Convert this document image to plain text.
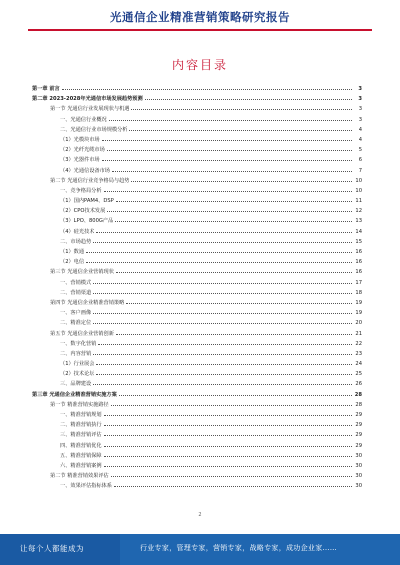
光通信企业精准营销策略研究报告
内容目录
第一章 前言	3
第二章 2023-2028年光通信市场发展趋势预测	3
第一节 光通信行业发展现状与机遇	3
一、光通信行业概况	3
二、光通信行业市场规模分析	4
（1）光模块市场	4
（2）光纤光缆市场	5
（3）光器件市场	6
（4）光通信设备市场	7
第二节 光通信行业竞争格局与趋势	10
一、竞争格局分析	10
（1）国内PAM4、DSP	11
（2）CPO技术发展	12
（3）LPO、800G产品	13
（4）硅光技术	14
二、市场趋势	15
（1）数通	16
（2）电信	16
第三节 光通信企业营销现状	16
一、营销模式	17
二、营销渠道	18
第四节 光通信企业精准营销策略	19
一、客户画像	19
二、精准定位	20
第五节 光通信企业营销创新	21
一、数字化营销	22
二、内容营销	23
（1）行业展会	24
（2）技术论坛	25
三、品牌建设	26
第三章 光通信企业精准营销实施方案	28
第一节 精准营销实施路径	28
一、精准营销规划	29
二、精准营销执行	29
三、精准营销评估	29
四、精准营销优化	29
五、精准营销保障	30
六、精准营销案例	30
第二节 精准营销效果评估	30
一、效果评估指标体系	30
2
让每个人都能成为	行业专家，管理专家，营销专家，战略专家，成功企业家……
